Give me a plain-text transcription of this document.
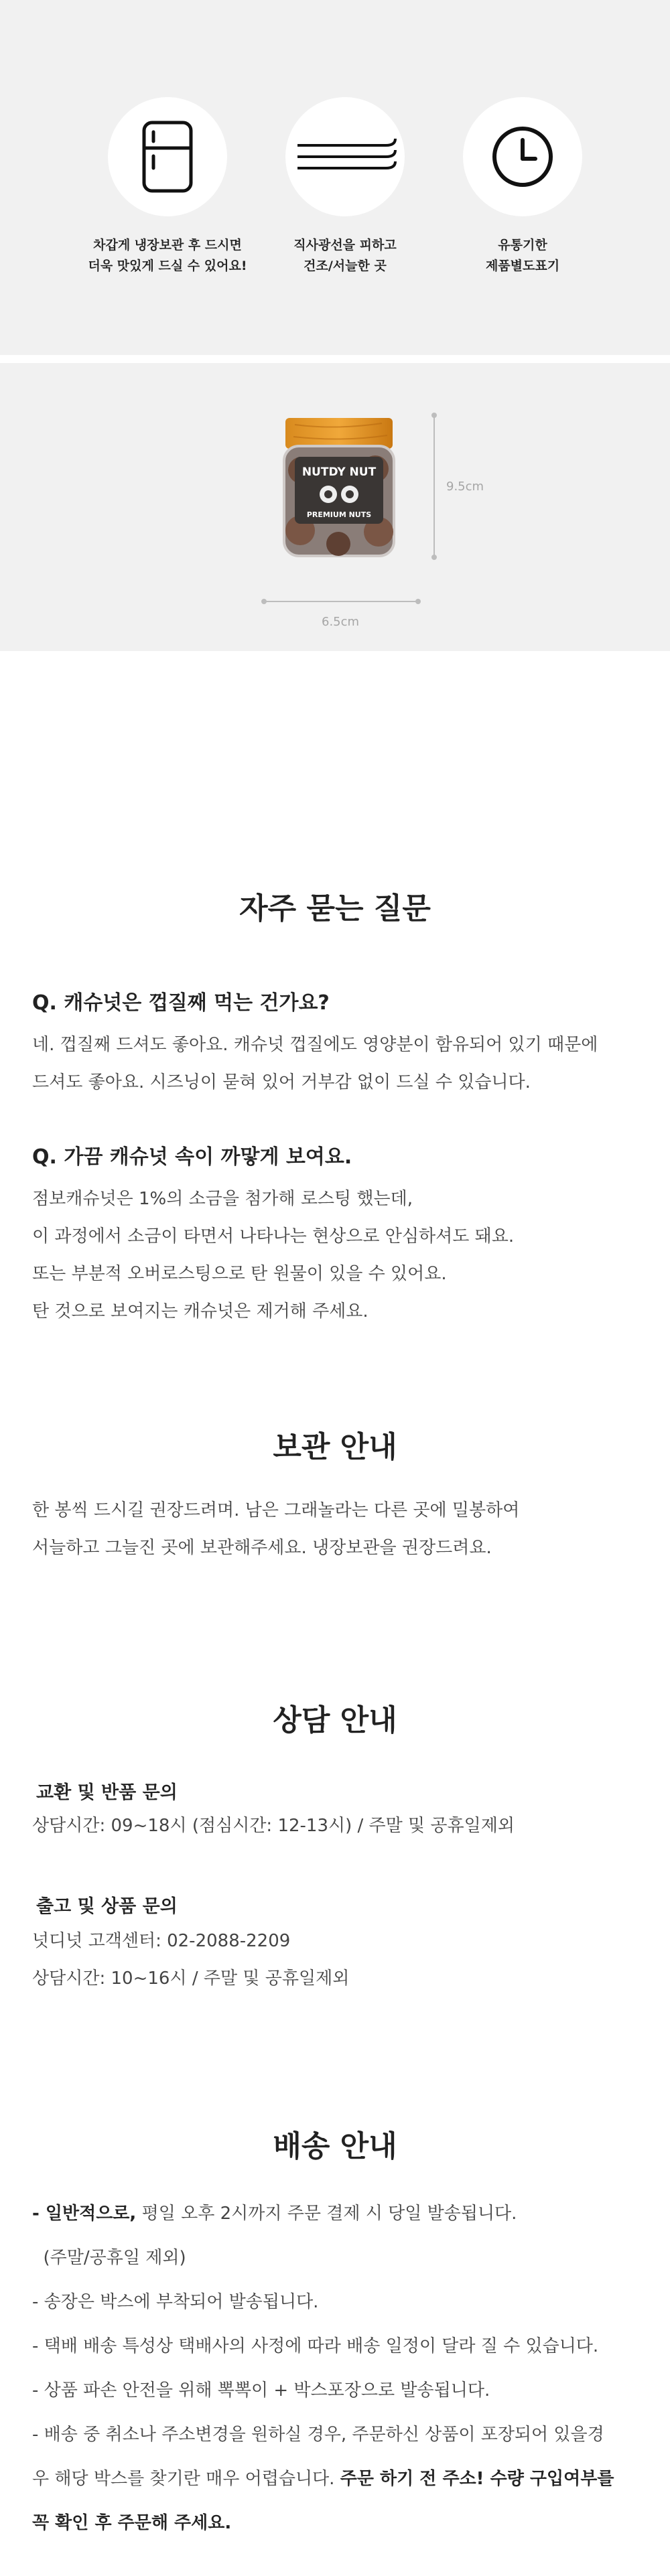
차갑게 냉장보관 후 드시면
더욱 맛있게 드실 수 있어요!
직사광선을 피하고
건조/서늘한 곳
유통기한
제품별도표기
NUTDY NUT
PREMIUM NUTS
9.5cm
6.5cm
자주 묻는 질문
Q. 캐슈넛은 껍질째 먹는 건가요?
네. 껍질째 드셔도 좋아요. 캐슈넛 껍질에도 영양분이 함유되어 있기 때문에
드셔도 좋아요. 시즈닝이 묻혀 있어 거부감 없이 드실 수 있습니다.
Q. 가끔 캐슈넛 속이 까맣게 보여요.
점보캐슈넛은 1%의 소금을 첨가해 로스팅 했는데,
이 과정에서 소금이 타면서 나타나는 현상으로 안심하셔도 돼요.
또는 부분적 오버로스팅으로 탄 원물이 있을 수 있어요.
탄 것으로 보여지는 캐슈넛은 제거해 주세요.
보관 안내
한 봉씩 드시길 권장드려며. 남은 그래놀라는 다른 곳에 밀봉하여
서늘하고 그늘진 곳에 보관해주세요. 냉장보관을 권장드려요.
상담 안내
교환 및 반품 문의
상담시간: 09~18시 (점심시간: 12-13시) / 주말 및 공휴일제외
출고 및 상품 문의
넛디넛 고객센터: 02-2088-2209
상담시간: 10~16시 / 주말 및 공휴일제외
배송 안내
- 일반적으로, 평일 오후 2시까지 주문 결제 시 당일 발송됩니다.
(주말/공휴일 제외)
- 송장은 박스에 부착되어 발송됩니다.
- 택배 배송 특성상 택배사의 사정에 따라 배송 일정이 달라 질 수 있습니다.
- 상품 파손 안전을 위해 뽁뽁이 + 박스포장으로 발송됩니다.
- 배송 중 취소나 주소변경을 원하실 경우, 주문하신 상품이 포장되어 있을경
우 해당 박스를 찾기란 매우 어렵습니다. 주문 하기 전 주소! 수량 구입여부를
꼭 확인 후 주문해 주세요.
